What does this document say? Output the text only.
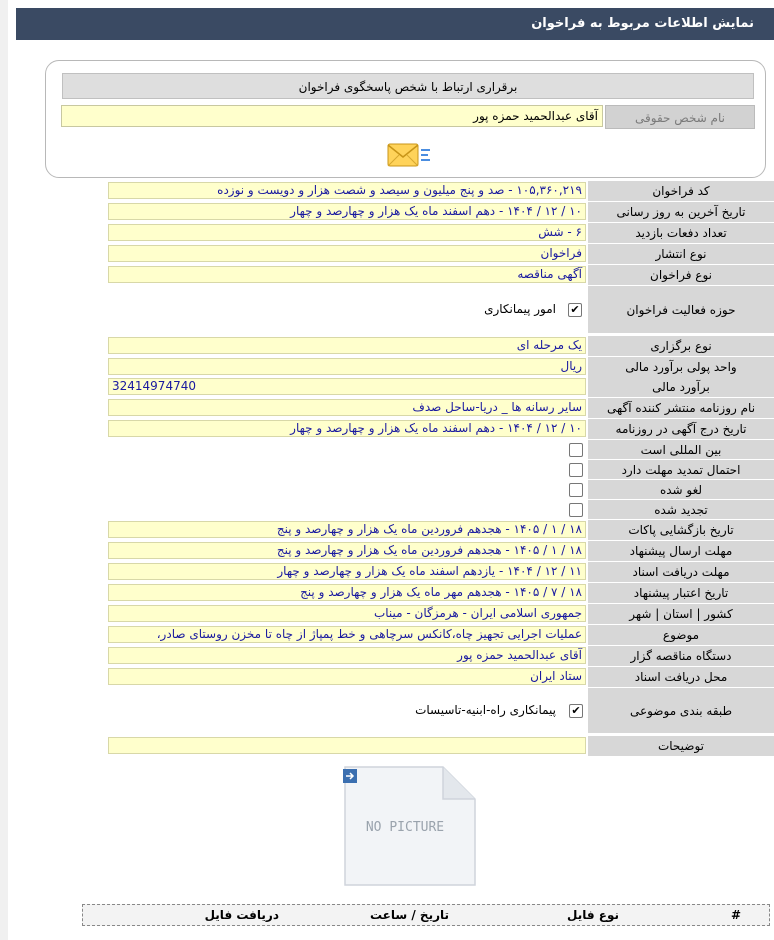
نمایش اطلاعات مربوط به فراخوان
برقراری ارتباط با شخص پاسخگوی فراخوان
نام شخص حقوقی
آقای عبدالحمید حمزه پور
کد فراخوان
۱۰۵,۳۶۰,۲۱۹ - صد و پنج میلیون و سیصد و شصت هزار و دویست و نوزده
تاریخ آخرین به روز رسانی
۱۰ / ۱۲ / ۱۴۰۴ - دهم اسفند ماه یک هزار و چهارصد و چهار
تعداد دفعات بازدید
۶ - شش
نوع انتشار
فراخوان
نوع فراخوان
آگهی مناقصه
حوزه فعالیت فراخوان
✔
امور پیمانکاری
نوع برگزاری
یک مرحله ای
واحد پولی برآورد مالی
ریال
برآورد مالی
32414974740
نام روزنامه منتشر کننده آگهی
سایر رسانه ها _ دریا-ساحل صدف
تاریخ درج آگهی در روزنامه
۱۰ / ۱۲ / ۱۴۰۴ - دهم اسفند ماه یک هزار و چهارصد و چهار
بین المللی است
احتمال تمدید مهلت دارد
لغو شده
تجدید شده
تاریخ بازگشایی پاکات
۱۸ / ۱ / ۱۴۰۵ - هجدهم فروردین ماه یک هزار و چهارصد و پنج
مهلت ارسال پیشنهاد
۱۸ / ۱ / ۱۴۰۵ - هجدهم فروردین ماه یک هزار و چهارصد و پنج
مهلت دریافت اسناد
۱۱ / ۱۲ / ۱۴۰۴ - یازدهم اسفند ماه یک هزار و چهارصد و چهار
تاریخ اعتبار پیشنهاد
۱۸ / ۷ / ۱۴۰۵ - هجدهم مهر ماه یک هزار و چهارصد و پنج
کشور | استان | شهر
جمهوری اسلامی ایران - هرمزگان - میناب
موضوع
عملیات اجرایی تجهیز چاه،کانکس سرچاهی و خط پمپاژ از چاه تا مخزن روستای صادر،
دستگاه مناقصه گزار
آقای عبدالحمید حمزه پور
محل دریافت اسناد
ستاد ایران
طبقه بندی موضوعی
✔
پیمانکاری راه-ابنیه-تاسیسات
توضیحات
NO PICTURE
#
نوع فایل
تاریخ / ساعت
دریافت فایل
